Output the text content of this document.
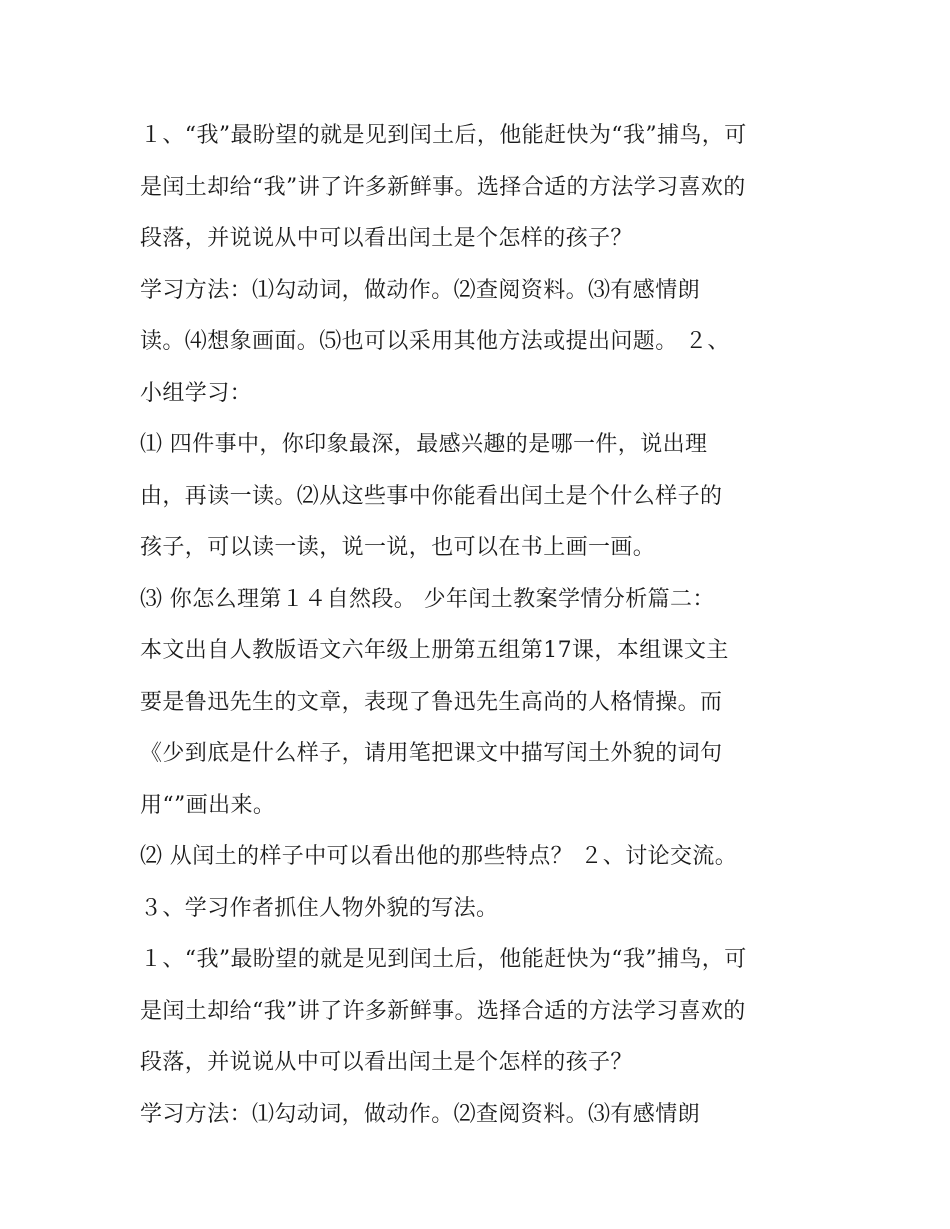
１、“我”最盼望的就是见到闰土后，他能赶快为“我”捕鸟，可
是闰土却给“我”讲了许多新鲜事。选择合适的方法学习喜欢的
段落，并说说从中可以看出闰土是个怎样的孩子？
学习方法：⑴勾动词，做动作。⑵查阅资料。⑶有感情朗
读。⑷想象画面。⑸也可以采用其他方法或提出问题。 ２、
小组学习：
⑴ 四件事中，你印象最深，最感兴趣的是哪一件，说出理
由，再读一读。⑵从这些事中你能看出闰土是个什么样子的
孩子，可以读一读，说一说，也可以在书上画一画。
⑶ 你怎么理第１４自然段。 少年闰土教案学情分析篇二：
本文出自人教版语文六年级上册第五组第17课，本组课文主
要是鲁迅先生的文章，表现了鲁迅先生高尚的人格情操。而
《少到底是什么样子，请用笔把课文中描写闰土外貌的词句
用“”画出来。
⑵ 从闰土的样子中可以看出他的那些特点？ ２、讨论交流。
３、学习作者抓住人物外貌的写法。
１、“我”最盼望的就是见到闰土后，他能赶快为“我”捕鸟，可
是闰土却给“我”讲了许多新鲜事。选择合适的方法学习喜欢的
段落，并说说从中可以看出闰土是个怎样的孩子？
学习方法：⑴勾动词，做动作。⑵查阅资料。⑶有感情朗
